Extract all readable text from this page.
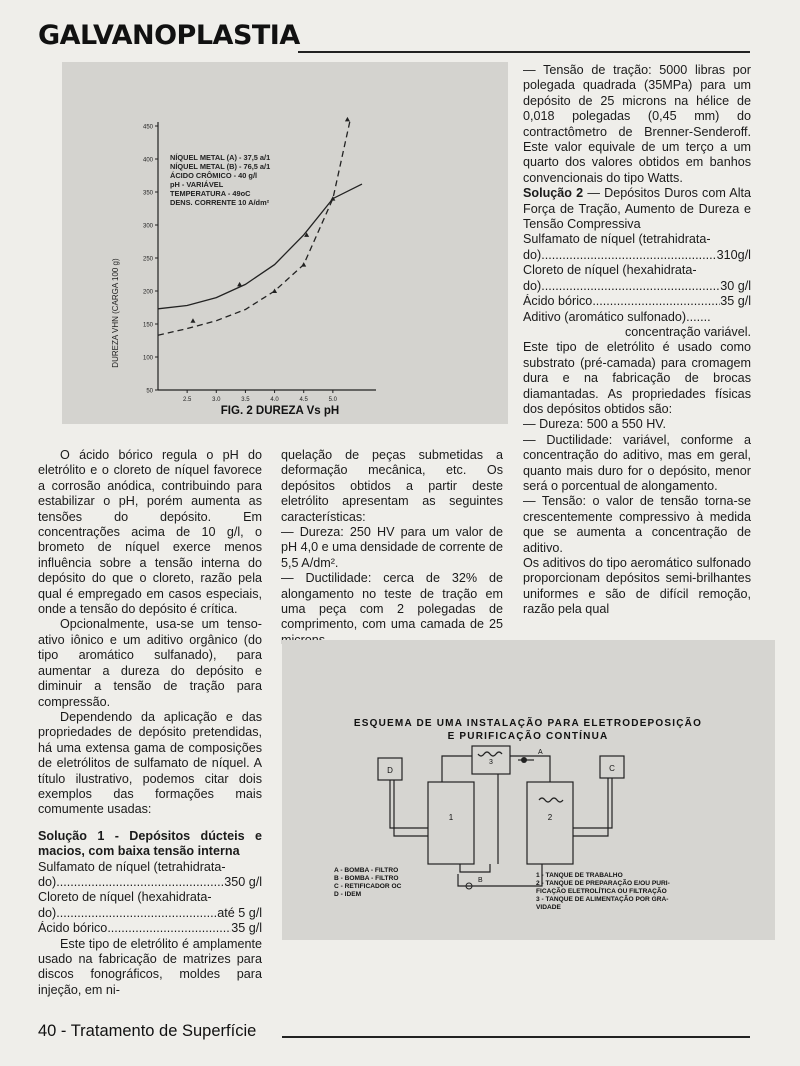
GALVANOPLASTIA
50
100
150
200
250
300
350
400
450
2.5	3.0	3.5	4.0	4.5	5.0
DUREZA VHN (CARGA 100 g)
NÍQUEL METAL (A) - 37,5 a/1
NÍQUEL METAL (B) - 76,5 a/1
ÁCIDO CRÔMICO - 40 g/l
pH - VARIÁVEL
TEMPERATURA - 49oC
DENS. CORRENTE 10 A/dm²
FIG. 2 DUREZA Vs pH

O ácido bórico regula o pH do eletrólito e o cloreto de níquel favorece a corrosão anódica, contribuindo para estabilizar o pH, porém aumenta as tensões do depósito. Em concentrações acima de 10 g/l, o brometo de níquel exerce menos influência sobre a tensão interna do depósito do que o cloreto, razão pela qual é empregado em casos especiais, onde a tensão do depósito é crítica.

Opcionalmente, usa-se um tenso-ativo iônico e um aditivo orgânico (do tipo aromático sulfanado), para aumentar a dureza do depósito e diminuir a tensão de tração para compressão.

Dependendo da aplicação e das propriedades de depósito pretendidas, há uma extensa gama de composições de eletrólitos de sulfamato de níquel. A título ilustrativo, podemos citar dois exemplos das formações mais comumente usadas:

Solução 1 - Depósitos dúcteis e macios, com baixa tensão interna

Sulfamato de níquel (tetrahidrata-

do) .....	350 g/l

Cloreto de níquel (hexahidrata-

do) .....	até 5 g/l
Ácido bórico .....	35 g/l

Este tipo de eletrólito é amplamente usado na fabricação de matrizes para discos fonográficos, moldes para injeção, em ni-

quelação de peças submetidas a deformação mecânica, etc. Os depósitos obtidos a partir deste eletrólito apresentam as seguintes características:

— Dureza: 250 HV para um valor de pH 4,0 e uma densidade de corrente de 5,5 A/dm².

— Ductilidade: cerca de 32% de alongamento no teste de tração em uma peça com 2 polegadas de comprimento, com uma camada de 25

— Tensão de tração: 5000 libras por polegada quadrada (35MPa) para um depósito de 25 microns na hélice de 0,018 polegadas (0,45 mm) do contractômetro de Brenner-Senderoff. Este valor equivale de um terço a um quarto dos valores obtidos em banhos convencionais do tipo Watts.

Solução 2 — Depósitos Duros com Alta Força de Tração, Aumento de Dureza e Tensão Compressiva

Sulfamato de níquel (tetrahidrata-

do) .....	310g/l

Cloreto de níquel (hexahidrata-

do) .....	30 g/l
Ácido bórico .....	35 g/l

Aditivo (aromático sulfonado).......

concentração variável.

Este tipo de eletrólito é usado como substrato (pré-camada) para cromagem dura e na fabricação de brocas diamantadas. As propriedades físicas dos depósitos obtidos são:

— Dureza: 500 a 550 HV.

— Ductilidade: variável, conforme a concentração do aditivo, mas em geral, quanto mais duro for o depósito, menor será o porcentual de alongamento.

— Tensão: o valor de tensão torna-se crescentemente compressivo à medida que se aumenta a concentração de aditivo.

Os aditivos do tipo aeromático sulfonado proporcionam depósitos semi-brilhantes uniformes e são de difícil remoção, razão pela qual

ESQUEMA DE UMA INSTALAÇÃO PARA ELETRODEPOSIÇÃO
E PURIFICAÇÃO CONTÍNUA
D	C
1	2
3
A
B
A - BOMBA - FILTRO
B - BOMBA - FILTRO
C - RETIFICADOR OC
D - IDEM
1 - TANQUE DE TRABALHO
2 - TANQUE DE PREPARAÇÃO E/OU PURI-
FICAÇÃO ELETROLÍTICA OU FILTRAÇÃO
3 - TANQUE DE ALIMENTAÇÃO POR GRA-
VIDADE
40 - Tratamento de Superfície
